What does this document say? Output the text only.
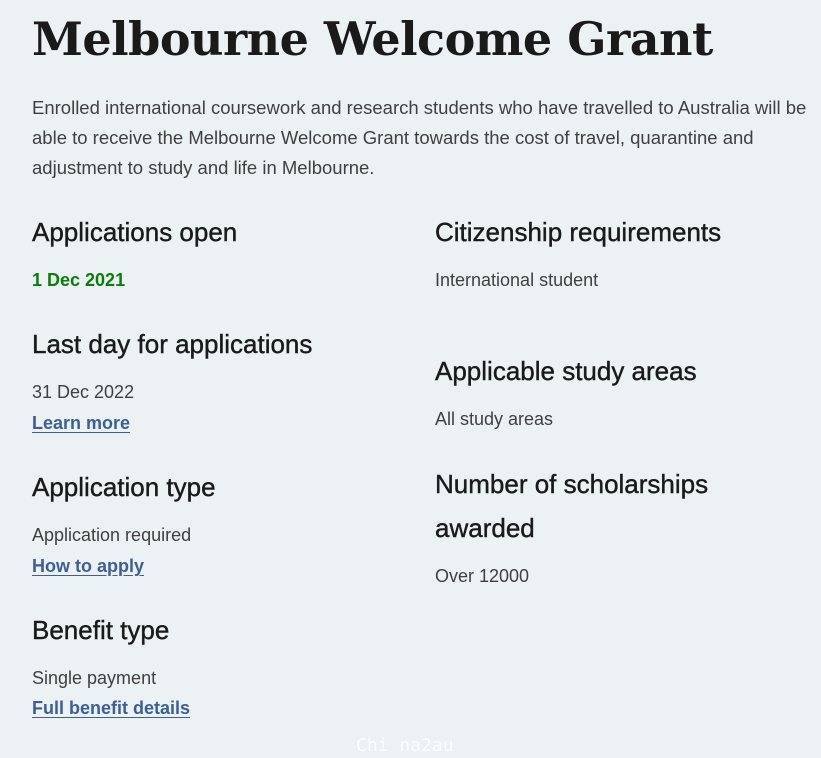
Melbourne Welcome Grant

Enrolled international coursework and research students who have travelled to Australia will be able to receive the Melbourne Welcome Grant towards the cost of travel, quarantine and adjustment to study and life in Melbourne.

Applications open

1 Dec 2021

Last day for applications

31 Dec 2022

Learn more
Application type

Application required

How to apply
Benefit type

Single payment

Full benefit details
Citizenship requirements

International student

Applicable study areas

All study areas

Number of scholarships awarded

Over 12000

Chi na2au
